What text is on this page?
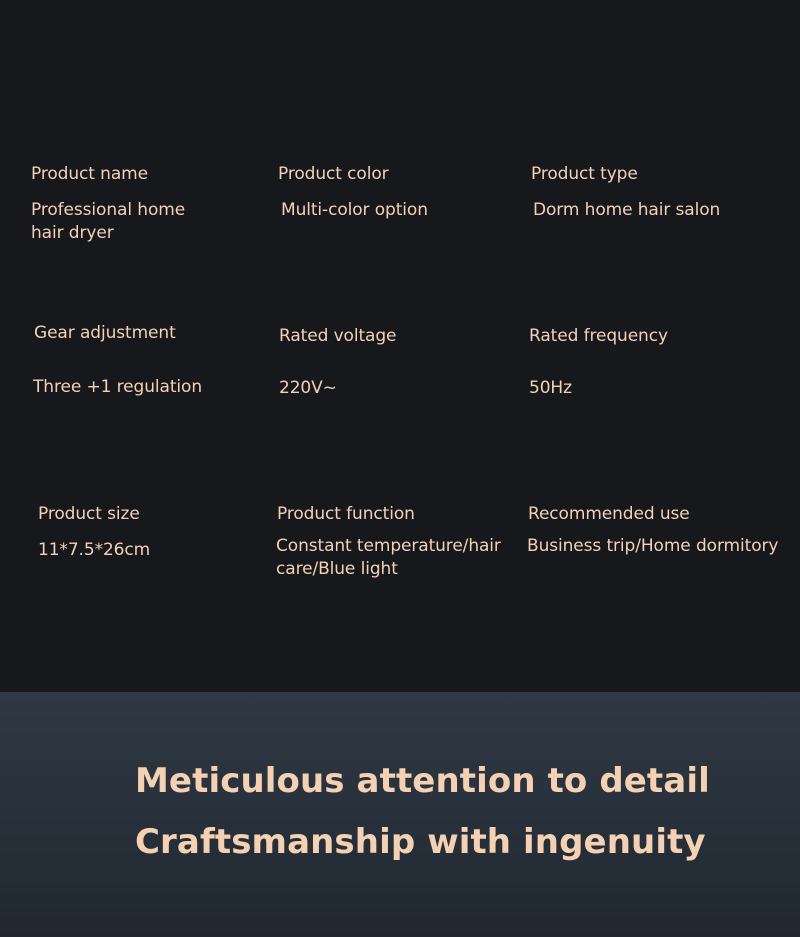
Product name
Professional home hair dryer
Product color
Multi-color option
Product type
Dorm home hair salon
Gear adjustment
Three +1 regulation
Rated voltage
220V~
Rated frequency
50Hz
Product size
11*7.5*26cm
Product function
Constant temperature/hair care/Blue light
Recommended use
Business trip/Home dormitory
Meticulous attention to detail
Craftsmanship with ingenuity
